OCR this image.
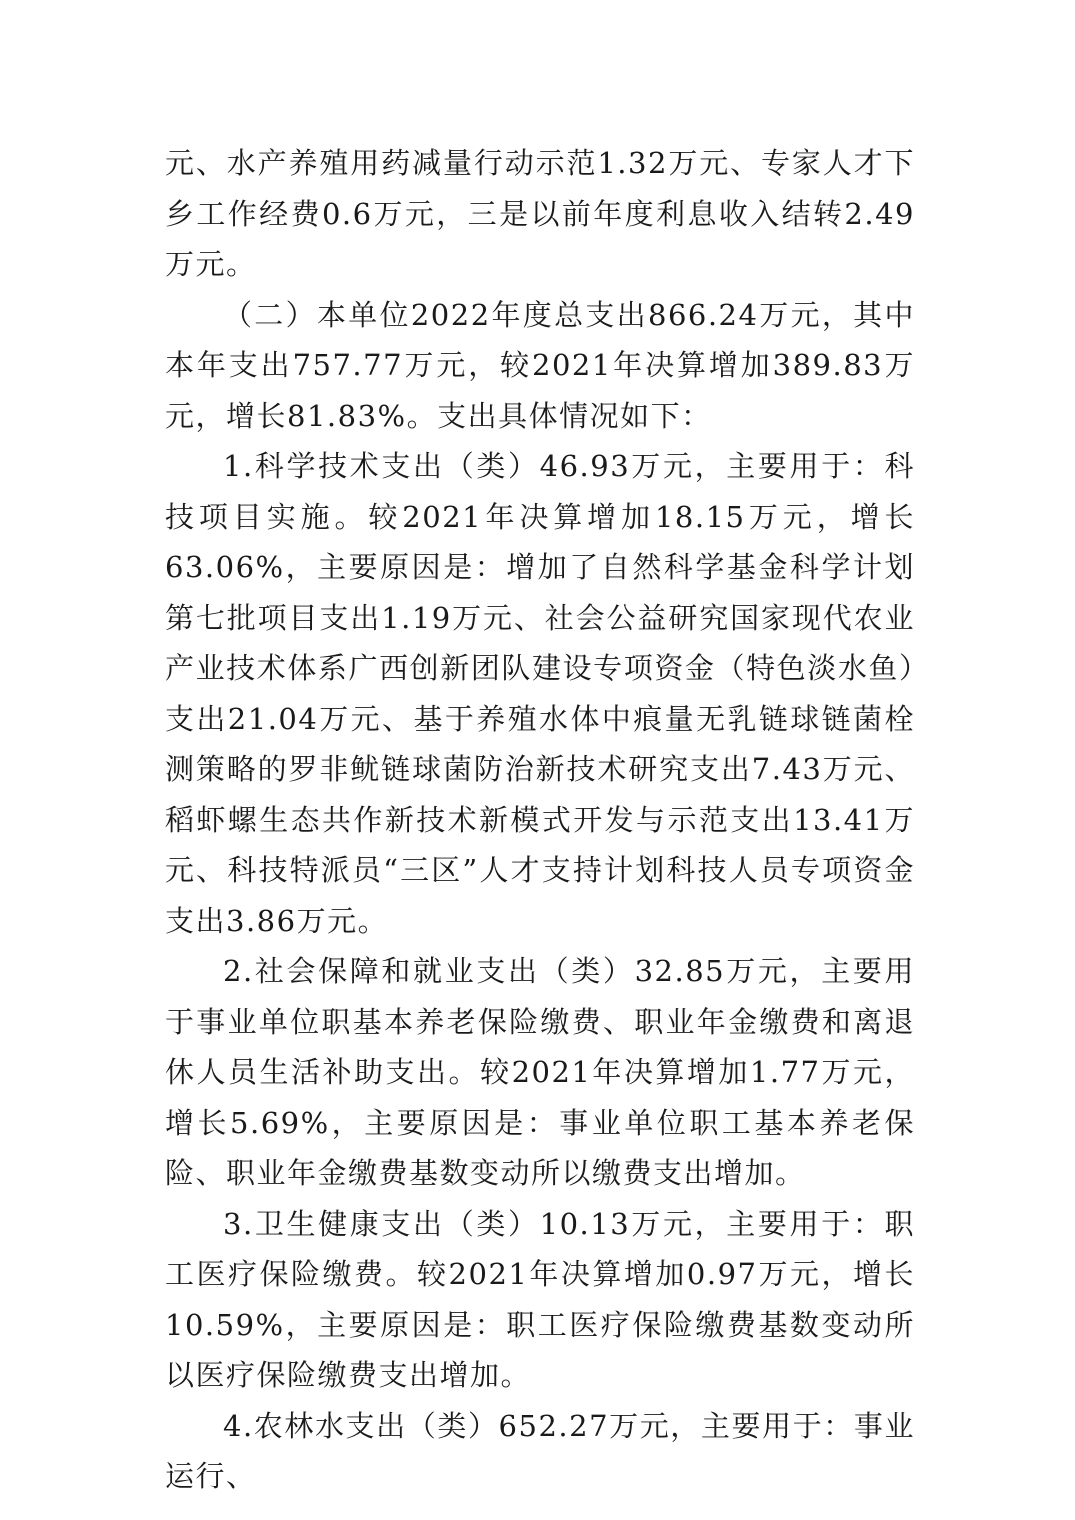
元、水产养殖用药减量行动示范1.32万元、专家人才下乡工作经费0.6万元，三是以前年度利息收入结转2.49万元。

（二）本单位2022年度总支出866.24万元，其中本年支出757.77万元，较2021年决算增加389.83万元，增长81.83%。支出具体情况如下：

1.科学技术支出（类）46.93万元，主要用于：科技项目实施。较2021年决算增加18.15万元，增长63.06%，主要原因是：增加了自然科学基金科学计划第七批项目支出1.19万元、社会公益研究国家现代农业产业技术体系广西创新团队建设专项资金（特色淡水鱼）支出21.04万元、基于养殖水体中痕量无乳链球链菌栓测策略的罗非鱿链球菌防治新技术研究支出7.43万元、稻虾螺生态共作新技术新模式开发与示范支出13.41万元、科技特派员“三区”人才支持计划科技人员专项资金支出3.86万元。

2.社会保障和就业支出（类）32.85万元，主要用于事业单位职基本养老保险缴费、职业年金缴费和离退休人员生活补助支出。较2021年决算增加1.77万元，增长5.69%，主要原因是：事业单位职工基本养老保险、职业年金缴费基数变动所以缴费支出增加。

3.卫生健康支出（类）10.13万元，主要用于：职工医疗保险缴费。较2021年决算增加0.97万元，增长10.59%，主要原因是：职工医疗保险缴费基数变动所以医疗保险缴费支出增加。

4.农林水支出（类）652.27万元，主要用于：事业运行、
